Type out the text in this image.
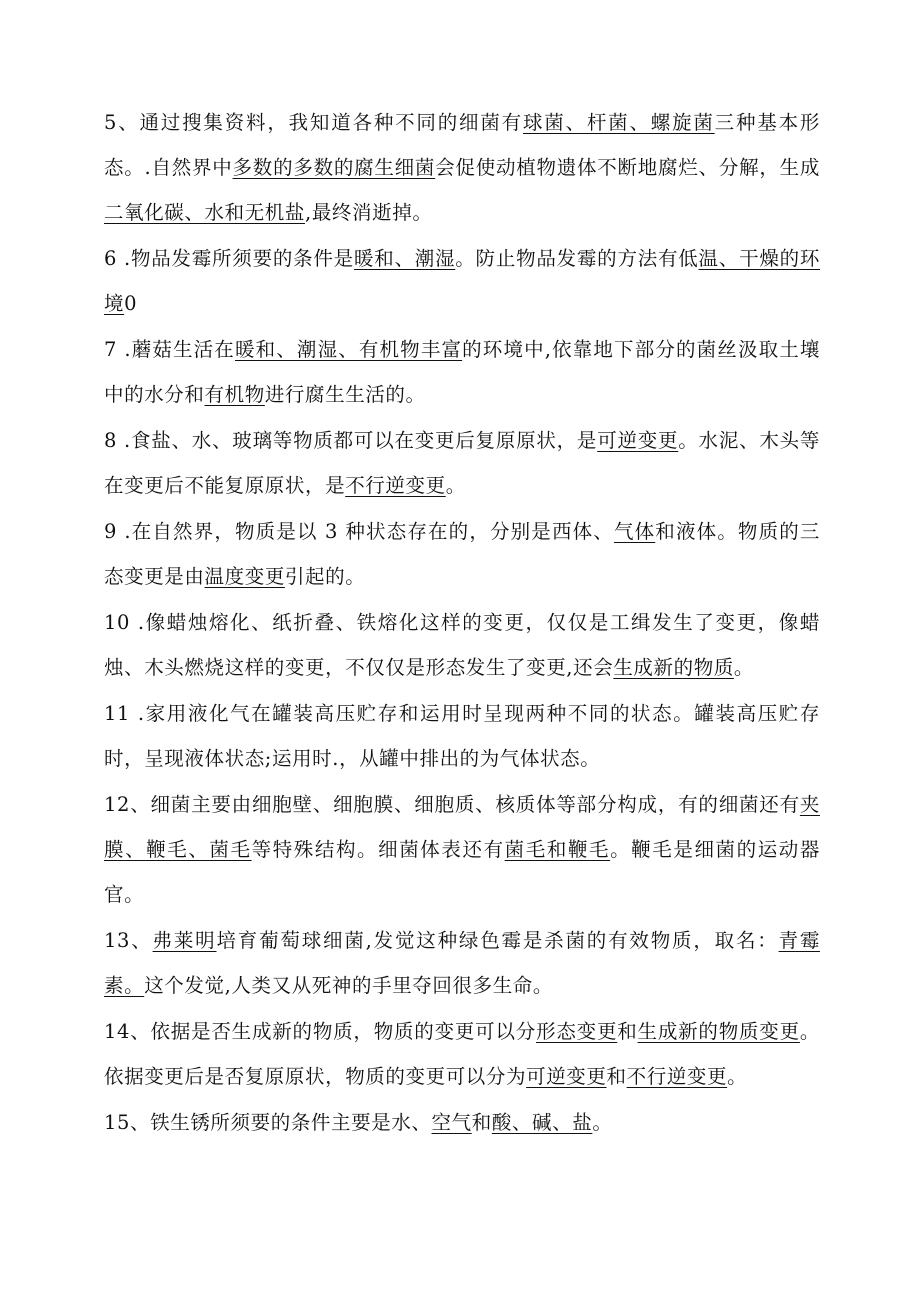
5、通过搜集资料，我知道各种不同的细菌有球菌、杆菌、螺旋菌三种基本形态。.自然界中多数的多数的腐生细菌会促使动植物遗体不断地腐烂、分解，生成二氧化碳、水和无机盐,最终消逝掉。

6 .物品发霉所须要的条件是暖和、潮湿。防止物品发霉的方法有低温、干燥的环境0

7 .蘑菇生活在暖和、潮湿、有机物丰富的环境中,依靠地下部分的菌丝汲取土壤中的水分和有机物进行腐生生活的。

8 .食盐、水、玻璃等物质都可以在变更后复原原状，是可逆变更。水泥、木头等在变更后不能复原原状，是不行逆变更。

9 .在自然界，物质是以 3 种状态存在的，分别是西体、气体和液体。物质的三态变更是由温度变更引起的。

10 .像蜡烛熔化、纸折叠、铁熔化这样的变更，仅仅是工缉发生了变更，像蜡烛、木头燃烧这样的变更，不仅仅是形态发生了变更,还会生成新的物质。

11 .家用液化气在罐装高压贮存和运用时呈现两种不同的状态。罐装高压贮存时，呈现液体状态;运用时.，从罐中排出的为气体状态。

12、细菌主要由细胞壁、细胞膜、细胞质、核质体等部分构成，有的细菌还有夹膜、鞭毛、菌毛等特殊结构。细菌体表还有菌毛和鞭毛。鞭毛是细菌的运动器官。

13、弗莱明培育葡萄球细菌,发觉这种绿色霉是杀菌的有效物质，取名：青霉素。这个发觉,人类又从死神的手里夺回很多生命。

14、依据是否生成新的物质，物质的变更可以分形态变更和生成新的物质变更。依据变更后是否复原原状，物质的变更可以分为可逆变更和不行逆变更。

15、铁生锈所须要的条件主要是水、空气和酸、碱、盐。
